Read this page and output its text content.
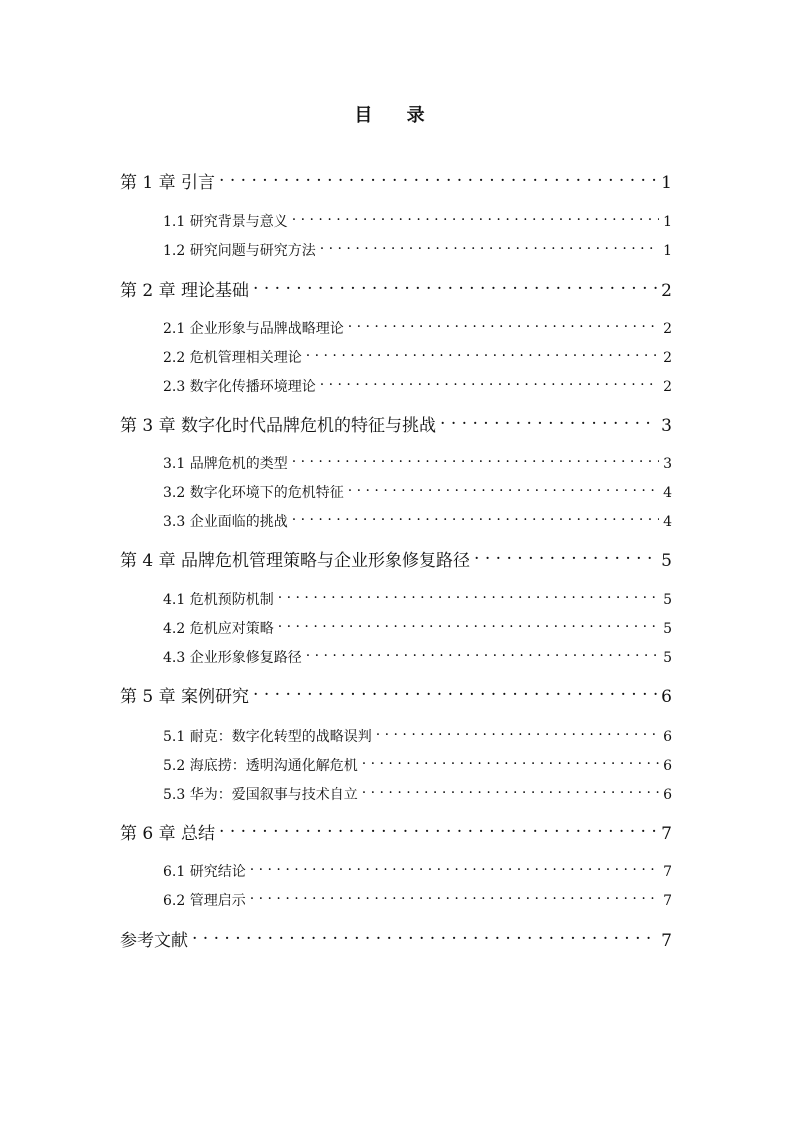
目 录
第 1 章 引言 . . .	1
1.1 研究背景与意义 . . .	1
1.2 研究问题与研究方法 . . .	1
第 2 章 理论基础 . . .	2
2.1 企业形象与品牌战略理论 . . .	2
2.2 危机管理相关理论 . . .	2
2.3 数字化传播环境理论 . . .	2
第 3 章 数字化时代品牌危机的特征与挑战 . . .	3
3.1 品牌危机的类型 . . .	3
3.2 数字化环境下的危机特征 . . .	4
3.3 企业面临的挑战 . . .	4
第 4 章 品牌危机管理策略与企业形象修复路径 . . .	5
4.1 危机预防机制 . . .	5
4.2 危机应对策略 . . .	5
4.3 企业形象修复路径 . . .	5
第 5 章 案例研究 . . .	6
5.1 耐克：数字化转型的战略误判 . . .	6
5.2 海底捞：透明沟通化解危机 . . .	6
5.3 华为：爱国叙事与技术自立 . . .	6
第 6 章 总结 . . .	7
6.1 研究结论 . . .	7
6.2 管理启示 . . .	7
参考文献 . . .	7
